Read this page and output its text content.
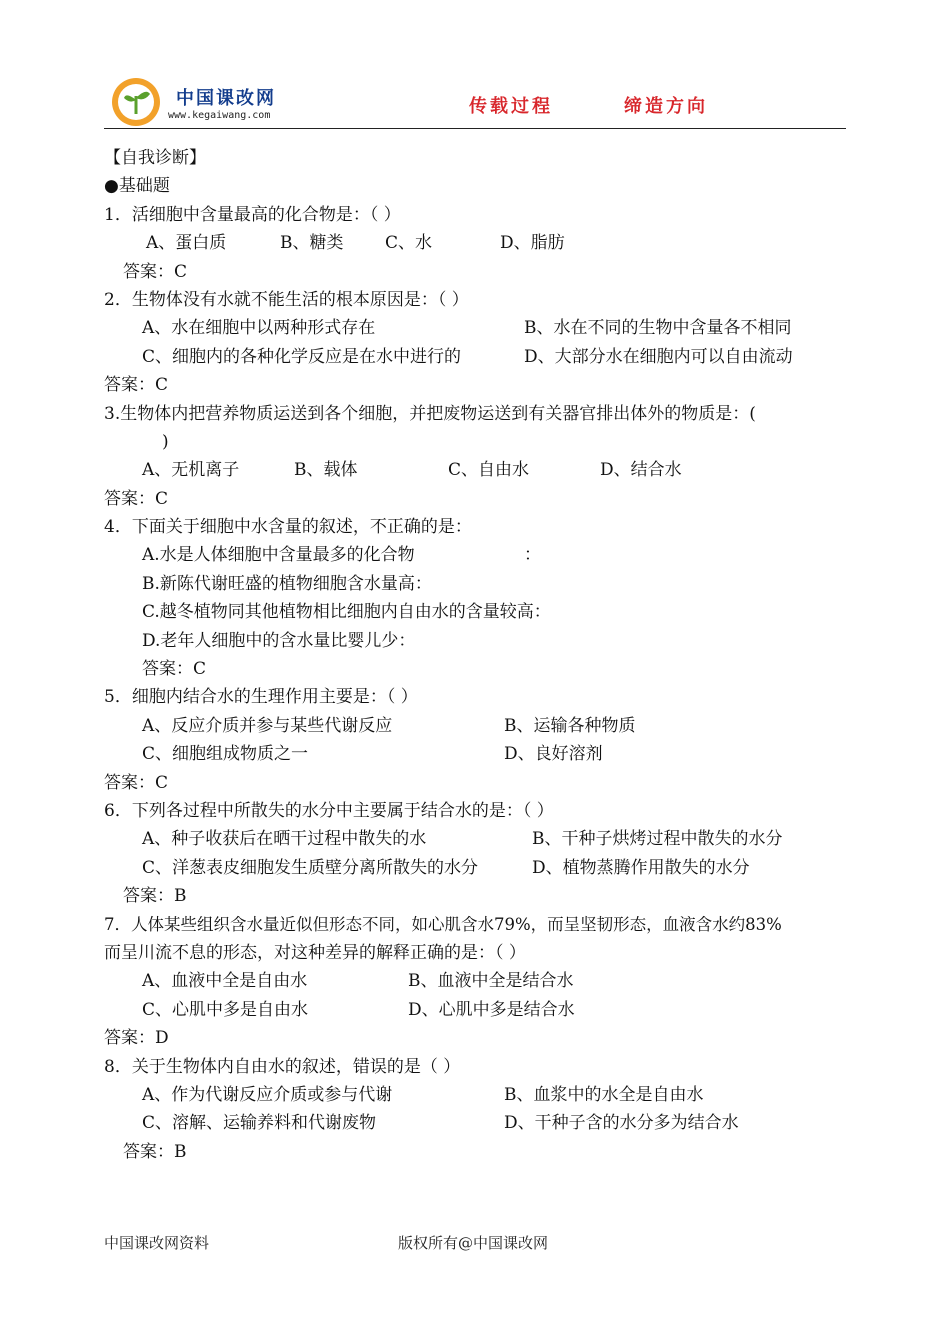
中国课改网
www.kegaiwang.com	传载过程	缔造方向
【自我诊断】
●基础题
1．活细胞中含量最高的化合物是：（ ）
A、蛋白质	B、糖类 C、水	D、脂肪
答案：C
2．生物体没有水就不能生活的根本原因是：（ ）
A、水在细胞中以两种形式存在	B、水在不同的生物中含量各不相同
C、细胞内的各种化学反应是在水中进行的	D、大部分水在细胞内可以自由流动
答案：C
3.生物体内把营养物质运送到各个细胞，并把废物运送到有关器官排出体外的物质是：(
)
A、无机离子	B、载体	C、自由水	D、结合水
答案：C
4．下面关于细胞中水含量的叙述，不正确的是：
A.水是人体细胞中含量最多的化合物	：
B.新陈代谢旺盛的植物细胞含水量高：
C.越冬植物同其他植物相比细胞内自由水的含量较高：
D.老年人细胞中的含水量比婴儿少：
答案：C
5．细胞内结合水的生理作用主要是：（ ）
A、反应介质并参与某些代谢反应	B、运输各种物质
C、细胞组成物质之一	D、良好溶剂
答案：C
6．下列各过程中所散失的水分中主要属于结合水的是：（ ）
A、种子收获后在晒干过程中散失的水	B、干种子烘烤过程中散失的水分
C、洋葱表皮细胞发生质壁分离所散失的水分	D、植物蒸腾作用散失的水分
答案：B
7．人体某些组织含水量近似但形态不同，如心肌含水79%，而呈坚韧形态，血液含水约83%
而呈川流不息的形态，对这种差异的解释正确的是：（ ）
A、血液中全是自由水	B、血液中全是结合水
C、心肌中多是自由水	D、心肌中多是结合水
答案：D
8．关于生物体内自由水的叙述，错误的是（ ）
A、作为代谢反应介质或参与代谢	B、血浆中的水全是自由水
C、溶解、运输养料和代谢废物	D、干种子含的水分多为结合水
答案：B
中国课改网资料	版权所有@中国课改网
